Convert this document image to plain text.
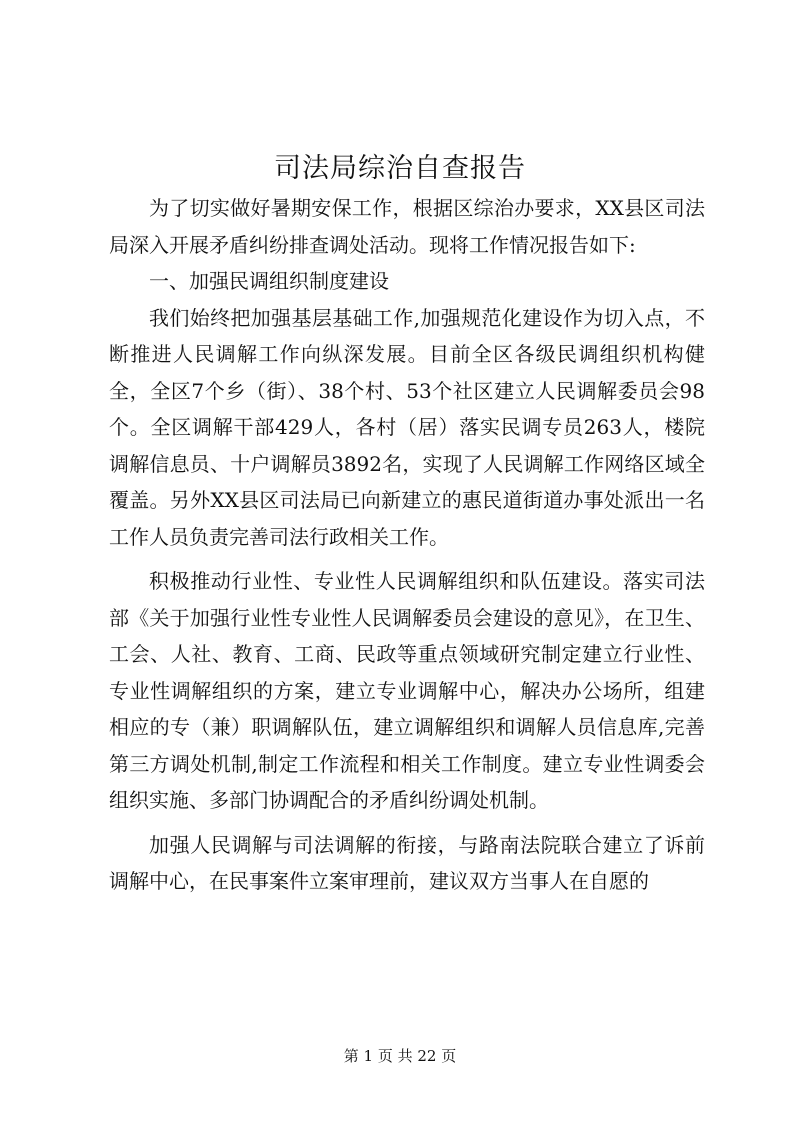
司法局综治自查报告

为了切实做好暑期安保工作，根据区综治办要求，XX县区司法局深入开展矛盾纠纷排查调处活动。现将工作情况报告如下:

一、加强民调组织制度建设

我们始终把加强基层基础工作,加强规范化建设作为切入点，不断推进人民调解工作向纵深发展。目前全区各级民调组织机构健全，全区7个乡（街）、38个村、53个社区建立人民调解委员会98个。全区调解干部429人，各村（居）落实民调专员263人，楼院调解信息员、十户调解员3892名，实现了人民调解工作网络区域全覆盖。另外XX县区司法局已向新建立的惠民道街道办事处派出一名工作人员负责完善司法行政相关工作。

积极推动行业性、专业性人民调解组织和队伍建设。落实司法部《关于加强行业性专业性人民调解委员会建设的意见》，在卫生、工会、人社、教育、工商、民政等重点领域研究制定建立行业性、专业性调解组织的方案，建立专业调解中心，解决办公场所，组建相应的专（兼）职调解队伍，建立调解组织和调解人员信息库,完善第三方调处机制,制定工作流程和相关工作制度。建立专业性调委会组织实施、多部门协调配合的矛盾纠纷调处机制。

加强人民调解与司法调解的衔接，与路南法院联合建立了诉前调解中心，在民事案件立案审理前，建议双方当事人在自愿的

第 1 页 共 22 页
